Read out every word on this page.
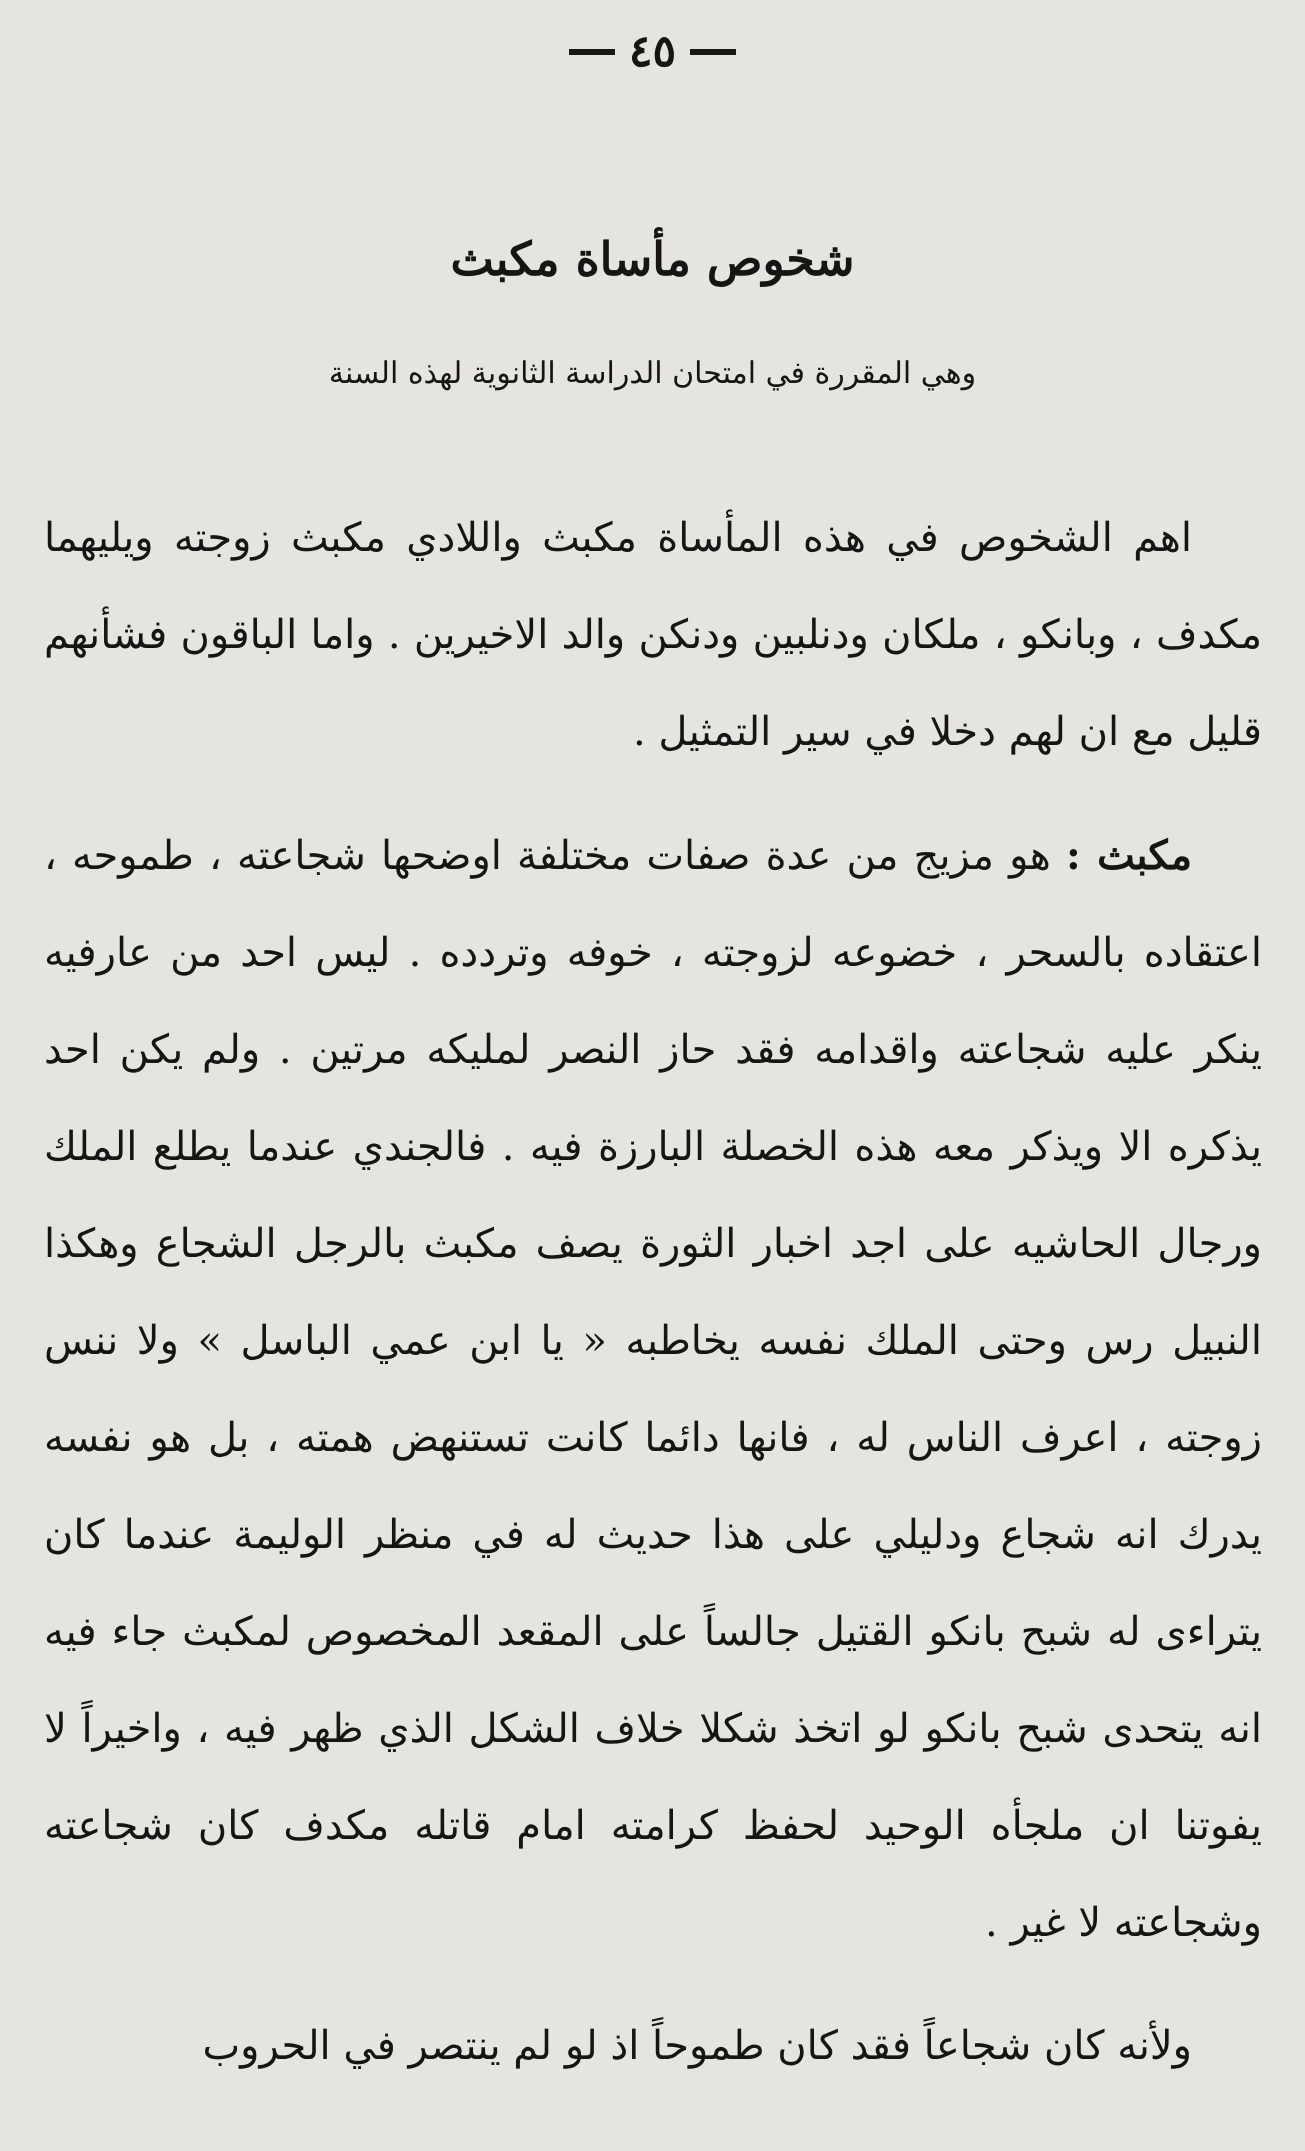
٤٥
شخوص مأساة مكبث
وهي المقررة في امتحان الدراسة الثانوية لهذه السنة

اهم الشخوص في هذه المأساة مكبث واللادي مكبث زوجته ويليهما مكدف ، وبانكو ، ملكان ودنلبين ودنكن والد الاخيرين . واما الباقون فشأنهم قليل مع ان لهم دخلا في سير التمثيل .

مكبث : هو مزيج من عدة صفات مختلفة اوضحها شجاعته ، طموحه ، اعتقاده بالسحر ، خضوعه لزوجته ، خوفه وتردده . ليس احد من عارفيه ينكر عليه شجاعته واقدامه فقد حاز النصر لمليكه مرتين . ولم يكن احد يذكره الا ويذكر معه هذه الخصلة البارزة فيه . فالجندي عندما يطلع الملك ورجال الحاشيه على اجد اخبار الثورة يصف مكبث بالرجل الشجاع وهكذا النبيل رس وحتى الملك نفسه يخاطبه « يا ابن عمي الباسل » ولا ننس زوجته ، اعرف الناس له ، فانها دائما كانت تستنهض همته ، بل هو نفسه يدرك انه شجاع ودليلي على هذا حديث له في منظر الوليمة عندما كان يتراءى له شبح بانكو القتيل جالساً على المقعد المخصوص لمكبث جاء فيه انه يتحدى شبح بانكو لو اتخذ شكلا خلاف الشكل الذي ظهر فيه ، واخيراً لا يفوتنا ان ملجأه الوحيد لحفظ كرامته امام قاتله مكدف كان شجاعته وشجاعته لا غير .

ولأنه كان شجاعاً فقد كان طموحاً اذ لو لم ينتصر في الحروب
